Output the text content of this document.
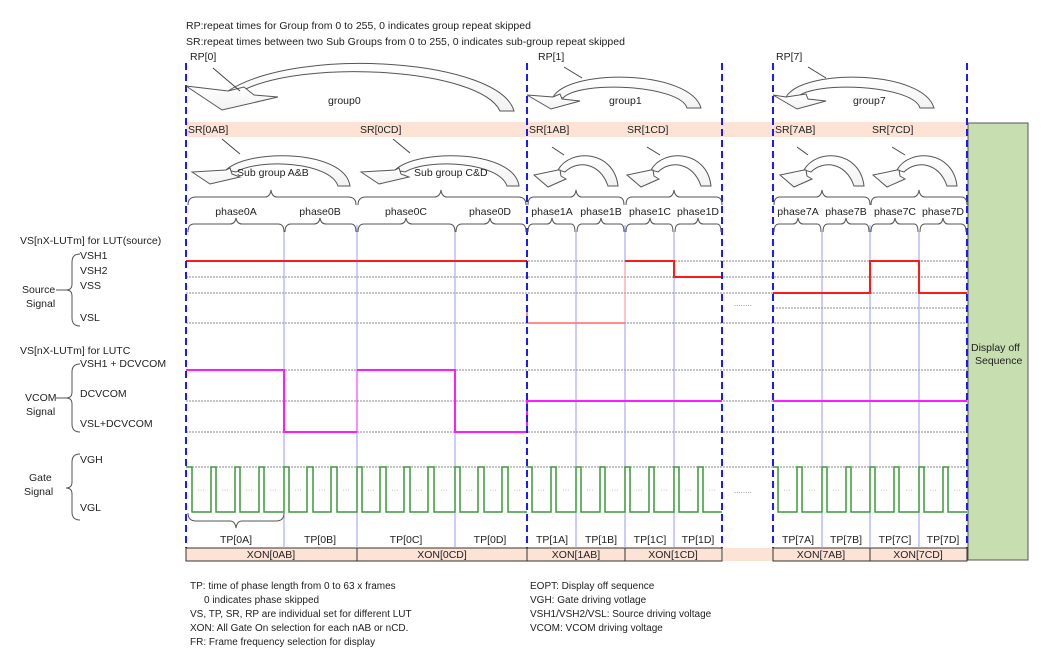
··· ··· ··· ···	··· ··· ···	··· ··· ···	···	··· ··· ··· ···	··· ···	··· ···	··· ··· ···	···	··· ··· ··· ···	··· ··· ···
RP:repeat times for Group from 0 to 255, 0 indicates group repeat skipped
SR:repeat times between two Sub Groups from 0 to 255, 0 indicates sub-group repeat skipped
RP[0]	RP[1]	RP[7]
group0	group1	group7
SR[0AB]	SR[0CD]	SR[1AB]	SR[1CD]	SR[7AB]	SR[7CD]
Sub group A&B	Sub group C&D
phase0A	phase0B	phase0C	phase0D phase1A phase1B phase1C phase1D	phase7A phase7B phase7C phase7D
VS[nX-LUTm] for LUT(source)
VSH1
VSH2
VSS
VSL
Source
Signal
VS[nX-LUTm] for LUTC
VSH1 + DCVCOM
DCVCOM
VSL+DCVCOM
VCOM
Signal
VGH
VGL
Gate
Signal
........
........
TP[0A]	TP[0B]	TP[0C]	TP[0D]	TP[1A] TP[1B] TP[1C] TP[1D]	TP[7A] TP[7B] TP[7C] TP[7D]
XON[0AB]	XON[0CD]	XON[1AB]	XON[1CD]	XON[7AB]	XON[7CD]
Display off
Sequence
TP: time of phase length from 0 to 63 x frames
0 indicates phase skipped
VS, TP, SR, RP are individual set for different LUT
XON: All Gate On selection for each nAB or nCD.
FR: Frame frequency selection for display
EOPT: Display off sequence
VGH: Gate driving votlage
VSH1/VSH2/VSL: Source driving voltage
VCOM: VCOM driving voltage
